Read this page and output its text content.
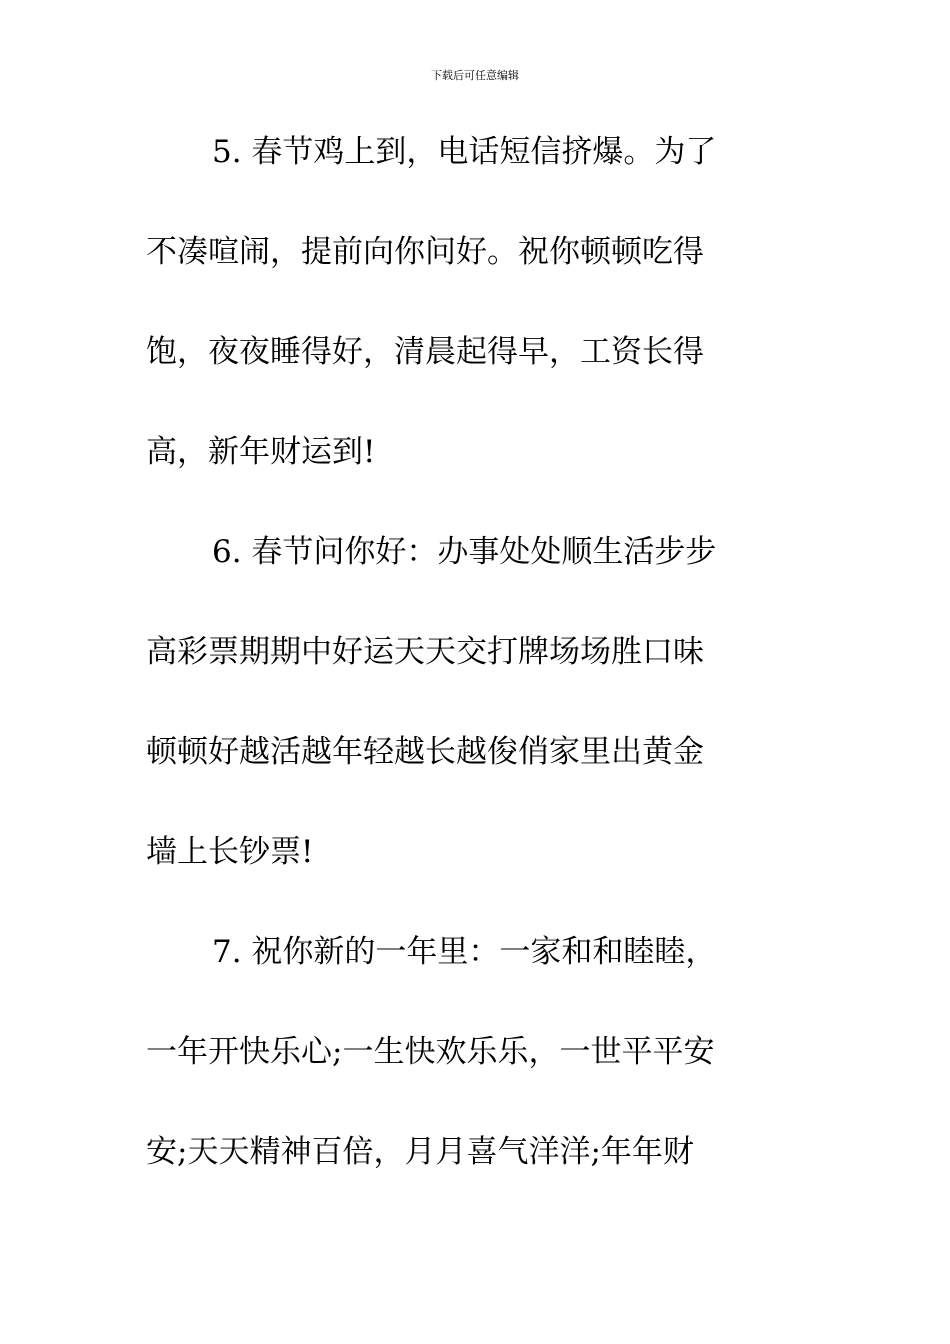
下载后可任意编辑
5. 春节鸡上到，电话短信挤爆。为了
不凑喧闹，提前向你问好。祝你顿顿吃得
饱，夜夜睡得好，清晨起得早，工资长得
高，新年财运到!
6. 春节问你好：办事处处顺生活步步
高彩票期期中好运天天交打牌场场胜口味
顿顿好越活越年轻越长越俊俏家里出黄金
墙上长钞票!
7. 祝你新的一年里：一家和和睦睦，
一年开快乐心;一生快欢乐乐，一世平平安
安;天天精神百倍，月月喜气洋洋;年年财
